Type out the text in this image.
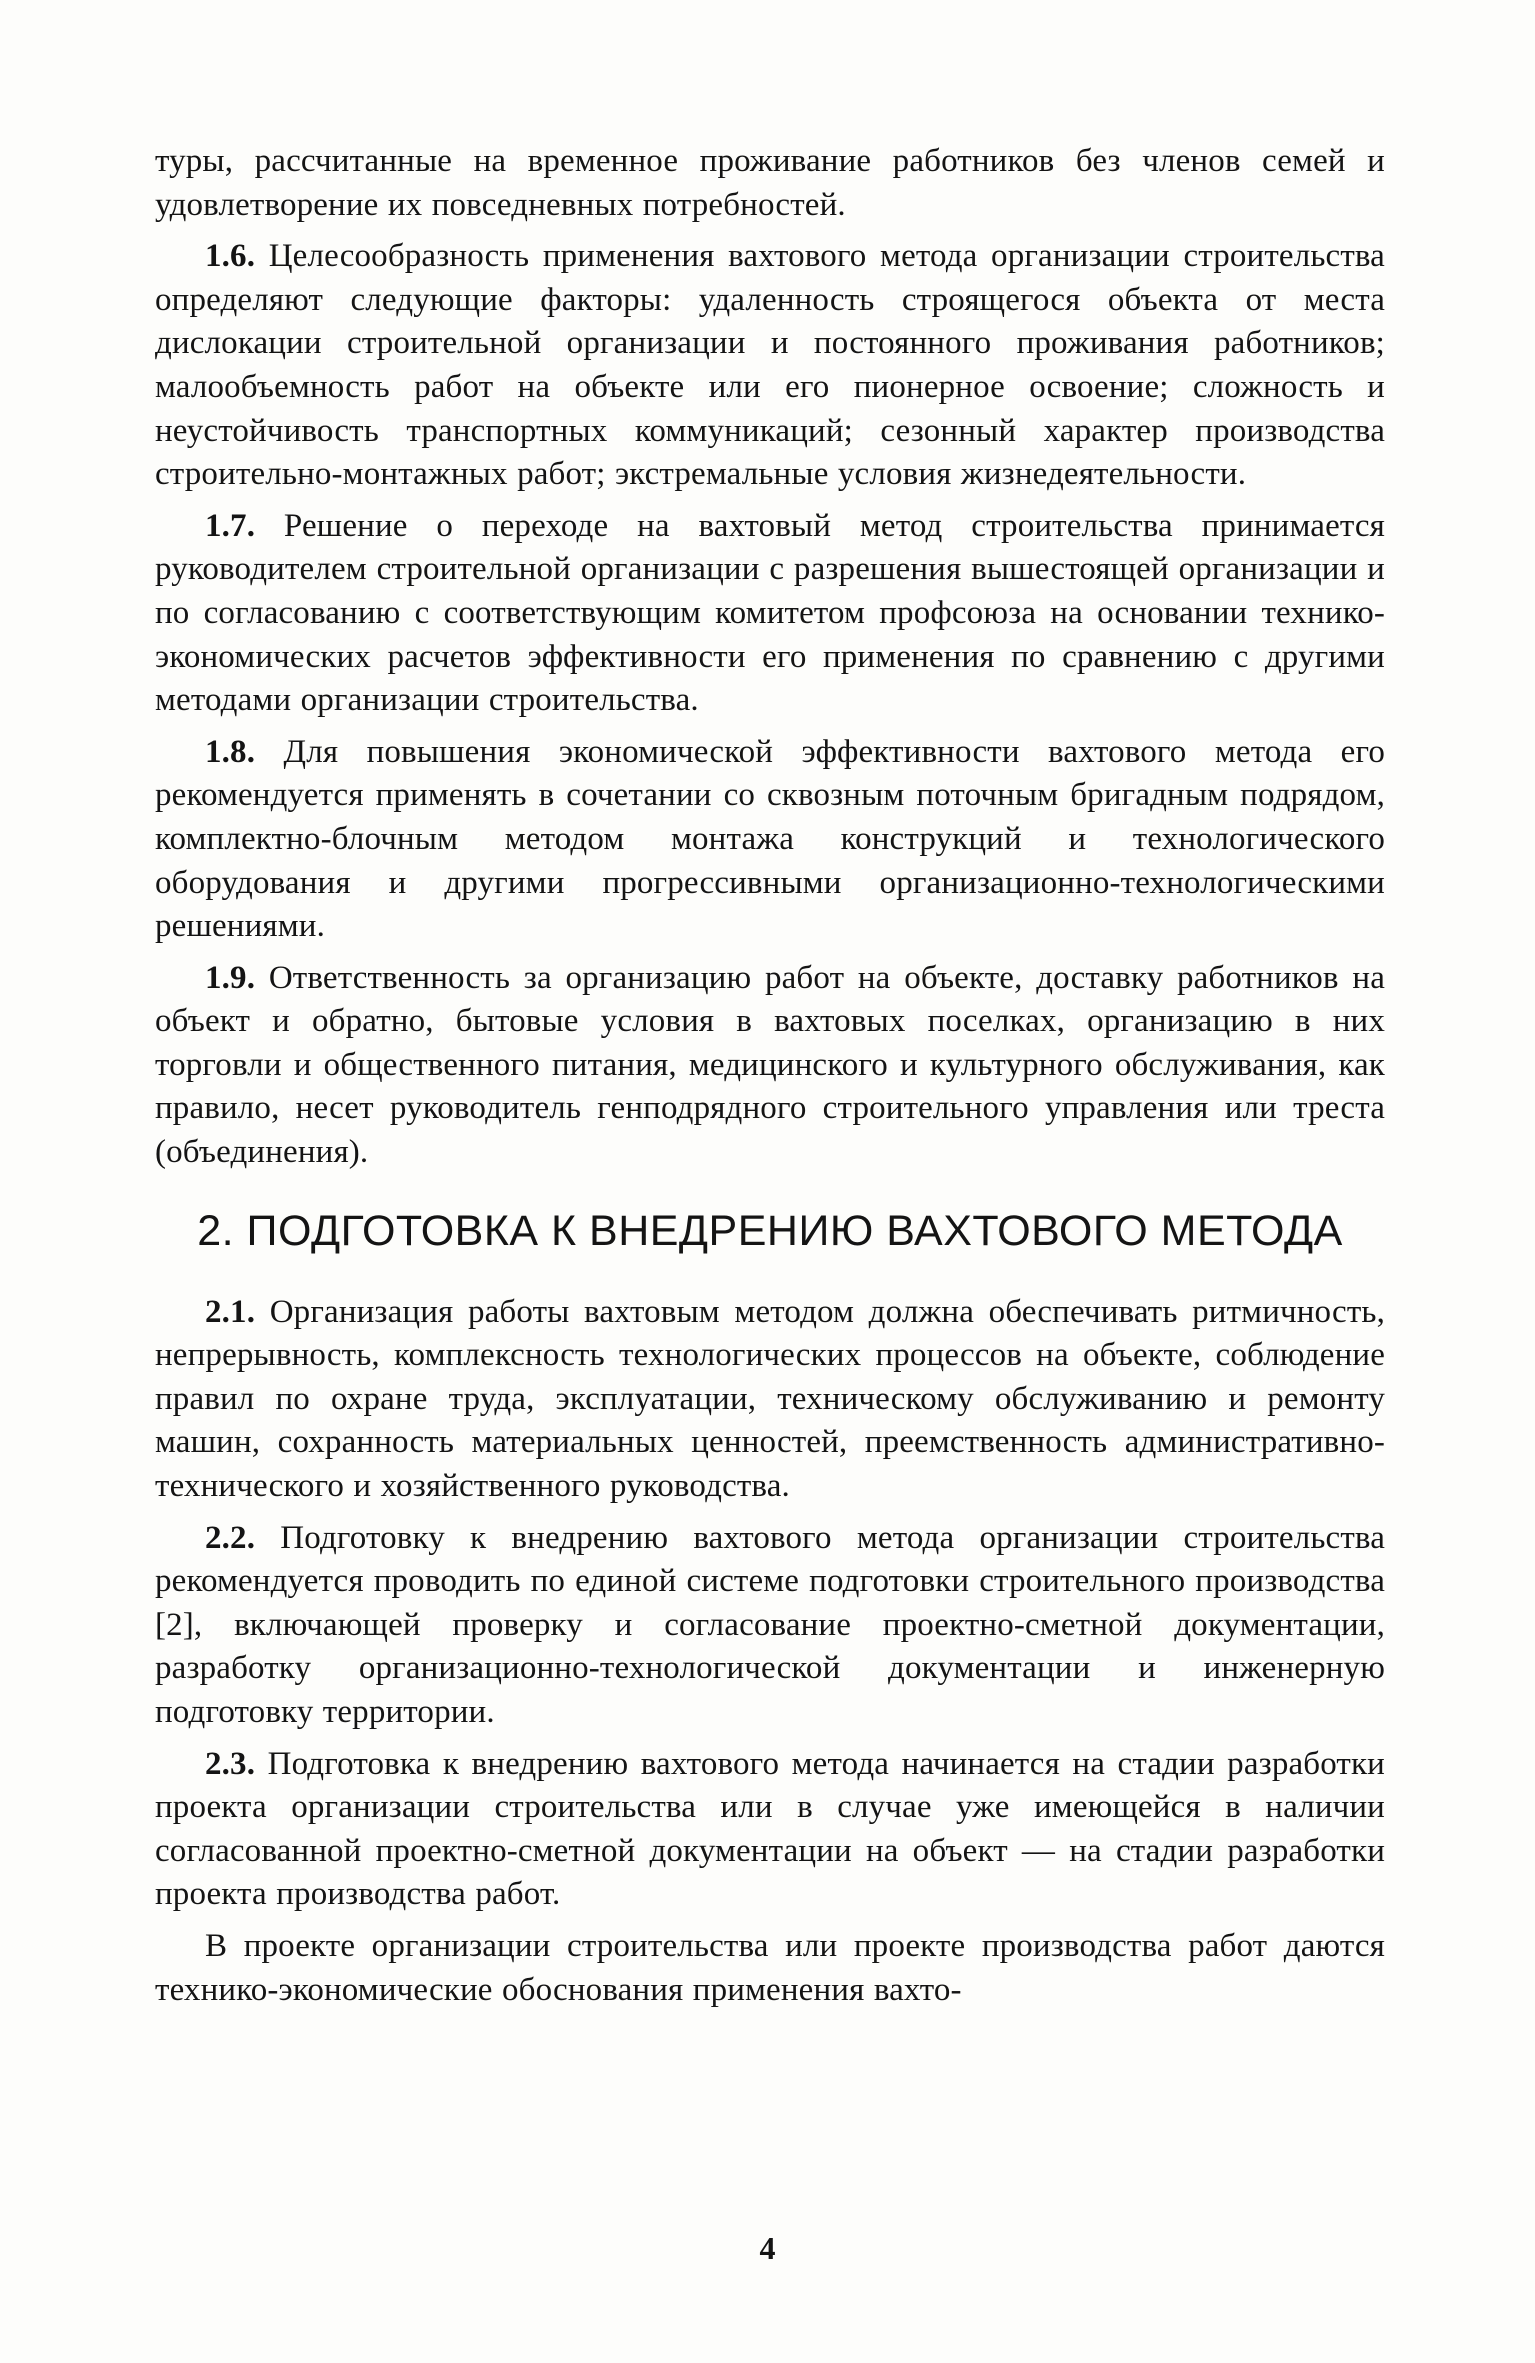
туры, рассчитанные на временное проживание работников без членов семей и удовлетворение их повседневных потребностей.

1.6. Целесообразность применения вахтового метода организации строительства определяют следующие факторы: удаленность строящегося объекта от места дислокации строительной организации и постоянного проживания работников; малообъемность работ на объекте или его пионерное освоение; сложность и неустойчивость транспортных коммуникаций; сезонный характер производства строительно-монтажных работ; экстремальные условия жизнедеятельности.

1.7. Решение о переходе на вахтовый метод строительства принимается руководителем строительной организации с разрешения вышестоящей организации и по согласованию с соответствующим комитетом профсоюза на основании технико-экономических расчетов эффективности его применения по сравнению с другими методами организации строительства.

1.8. Для повышения экономической эффективности вахтового метода его рекомендуется применять в сочетании со сквозным поточным бригадным подрядом, комплектно-блочным методом монтажа конструкций и технологического оборудования и другими прогрессивными организационно-технологическими решениями.

1.9. Ответственность за организацию работ на объекте, доставку работников на объект и обратно, бытовые условия в вахтовых поселках, организацию в них торговли и общественного питания, медицинского и культурного обслуживания, как правило, несет руководитель генподрядного строительного управления или треста (объединения).

2. ПОДГОТОВКА К ВНЕДРЕНИЮ ВАХТОВОГО МЕТОДА

2.1. Организация работы вахтовым методом должна обеспечивать ритмичность, непрерывность, комплексность технологических процессов на объекте, соблюдение правил по охране труда, эксплуатации, техническому обслуживанию и ремонту машин, сохранность материальных ценностей, преемственность административно-технического и хозяйственного руководства.

2.2. Подготовку к внедрению вахтового метода организации строительства рекомендуется проводить по единой системе подготовки строительного производства [2], включающей проверку и согласование проектно-сметной документации, разработку организационно-технологической документации и инженерную подготовку территории.

2.3. Подготовка к внедрению вахтового метода начинается на стадии разработки проекта организации строительства или в случае уже имеющейся в наличии согласованной проектно-сметной документации на объект — на стадии разработки проекта производства работ.

В проекте организации строительства или проекте производства работ даются технико-экономические обоснования применения вахто-

4
